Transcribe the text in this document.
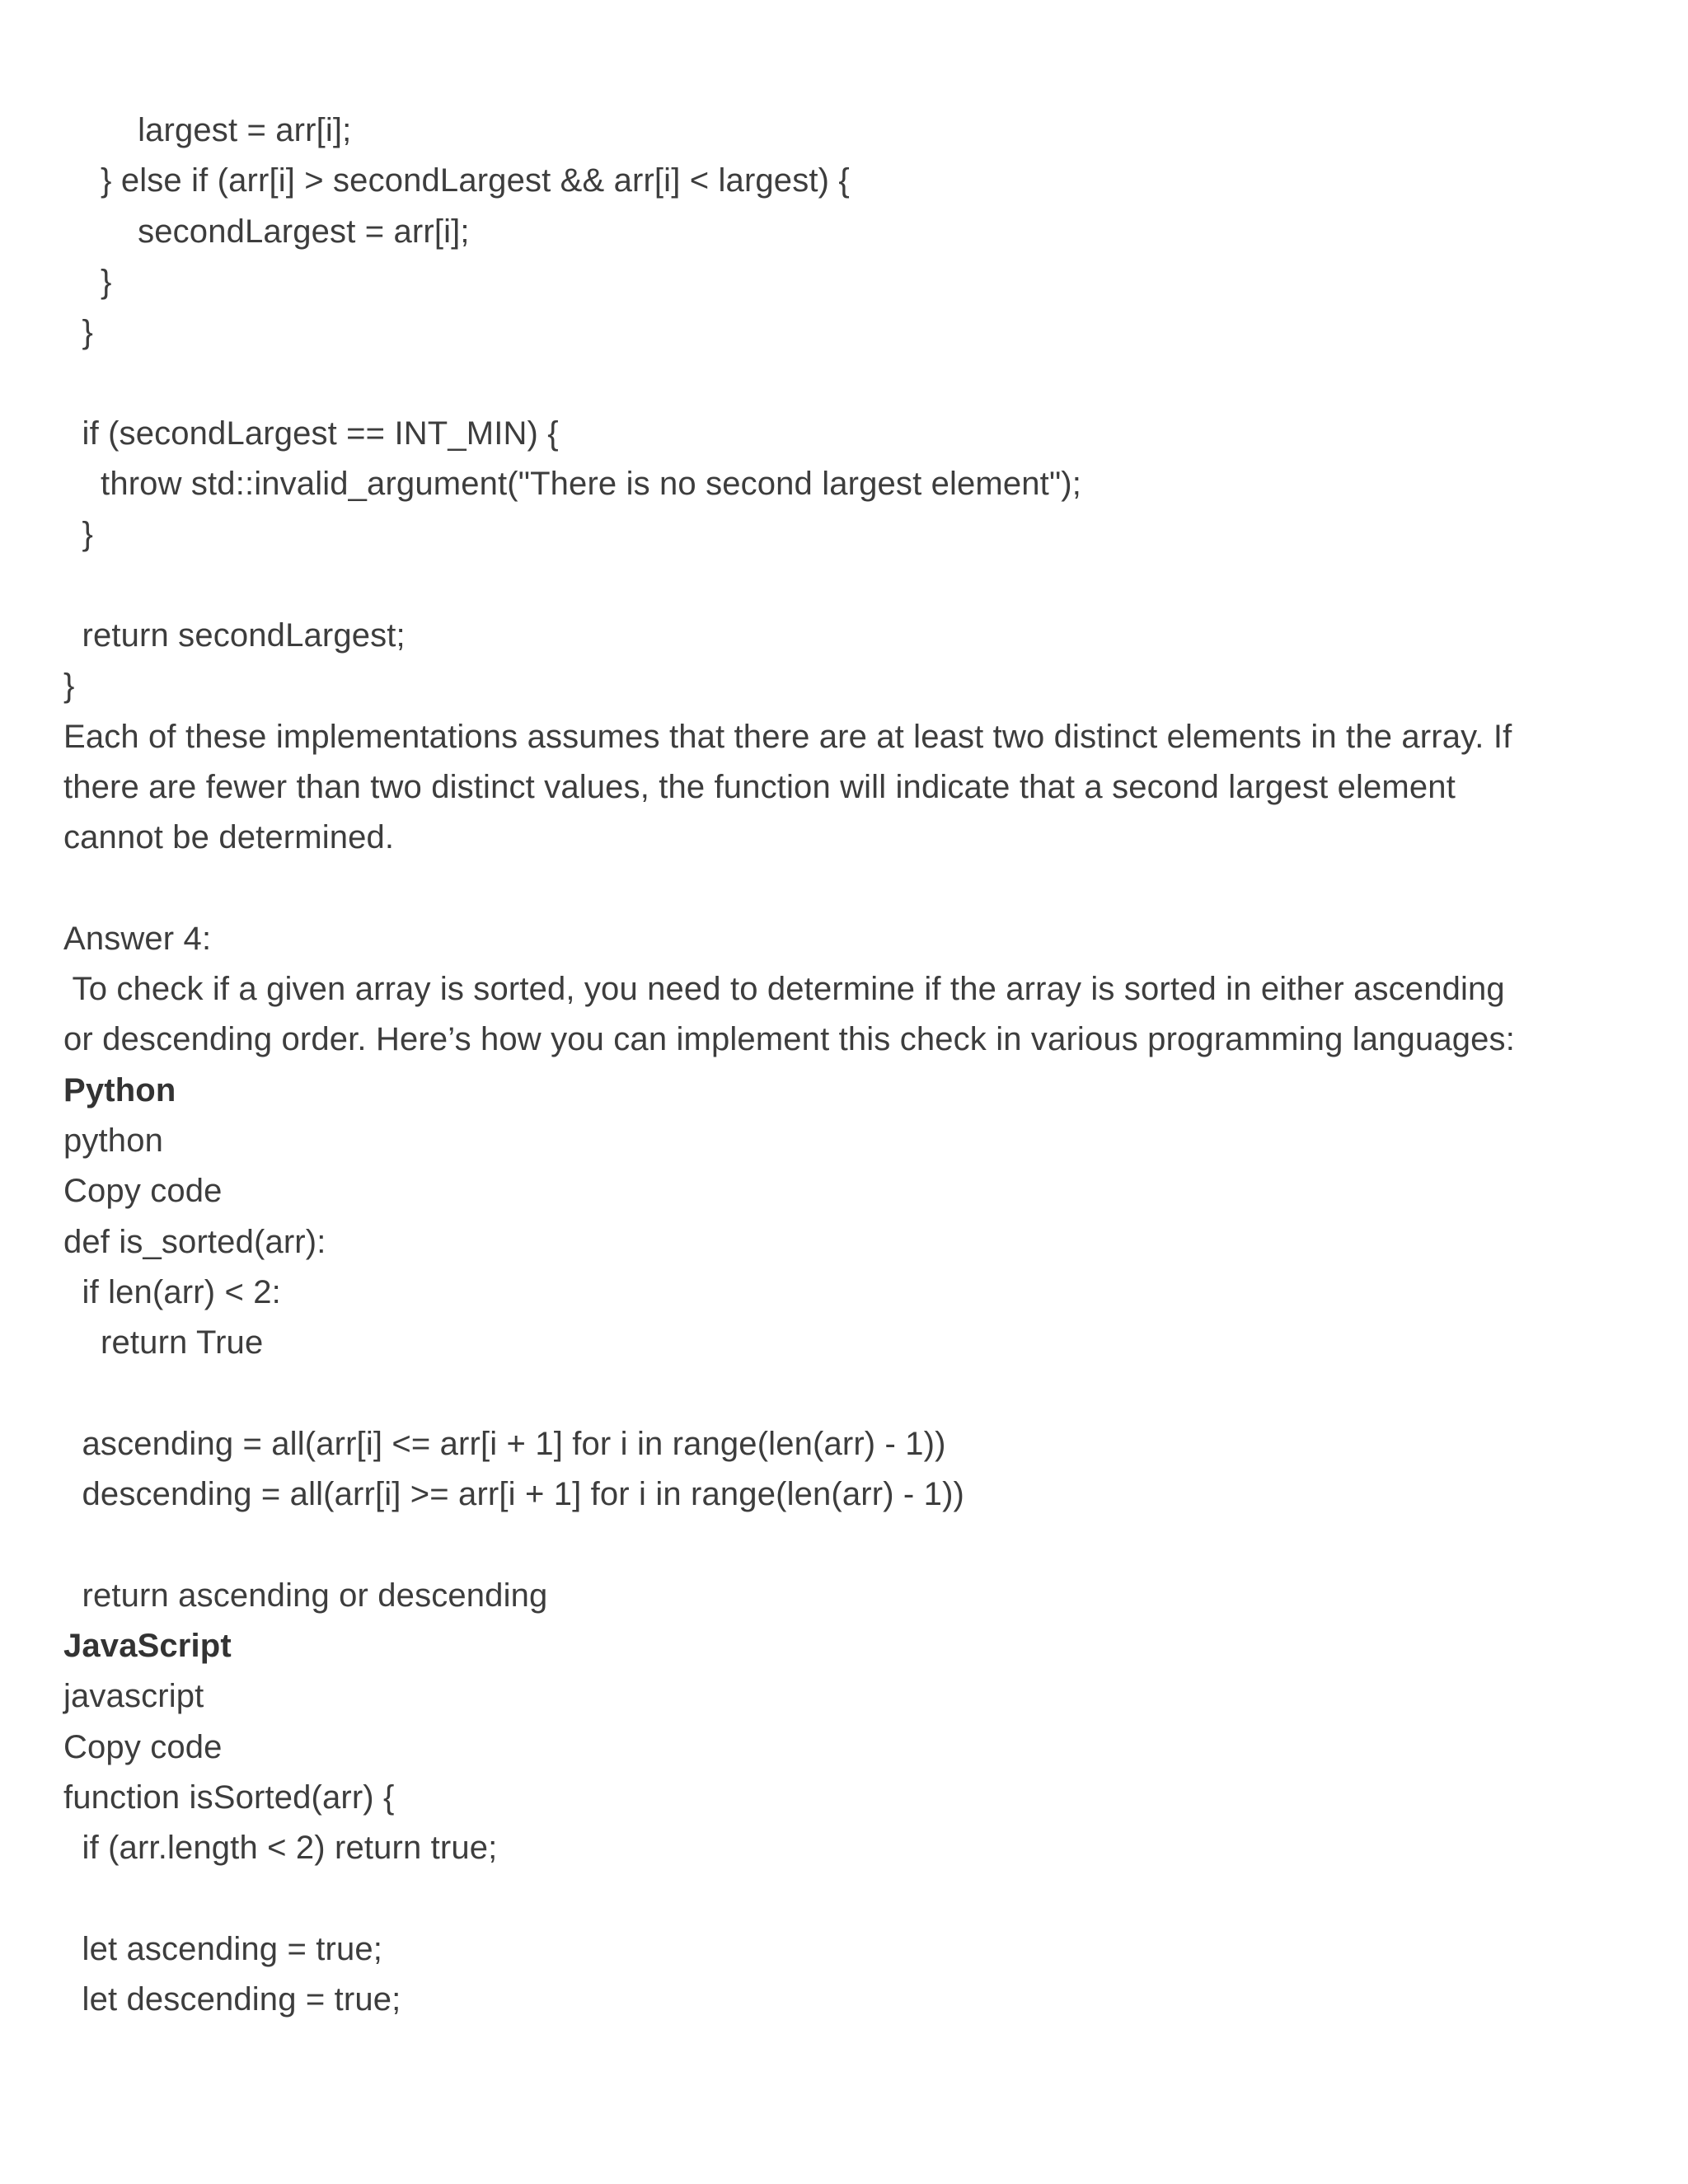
largest = arr[i];
} else if (arr[i] > secondLargest && arr[i] < largest) {
secondLargest = arr[i];
}
}
if (secondLargest == INT_MIN) {
throw std::invalid_argument("There is no second largest element");
}
return secondLargest;
}
Each of these implementations assumes that there are at least two distinct elements in the array. If
there are fewer than two distinct values, the function will indicate that a second largest element
cannot be determined.
Answer 4:
To check if a given array is sorted, you need to determine if the array is sorted in either ascending
or descending order. Here’s how you can implement this check in various programming languages:
Python
python
Copy code
def is_sorted(arr):
if len(arr) < 2:
return True
ascending = all(arr[i] <= arr[i + 1] for i in range(len(arr) - 1))
descending = all(arr[i] >= arr[i + 1] for i in range(len(arr) - 1))
return ascending or descending
JavaScript
javascript
Copy code
function isSorted(arr) {
if (arr.length < 2) return true;
let ascending = true;
let descending = true;
